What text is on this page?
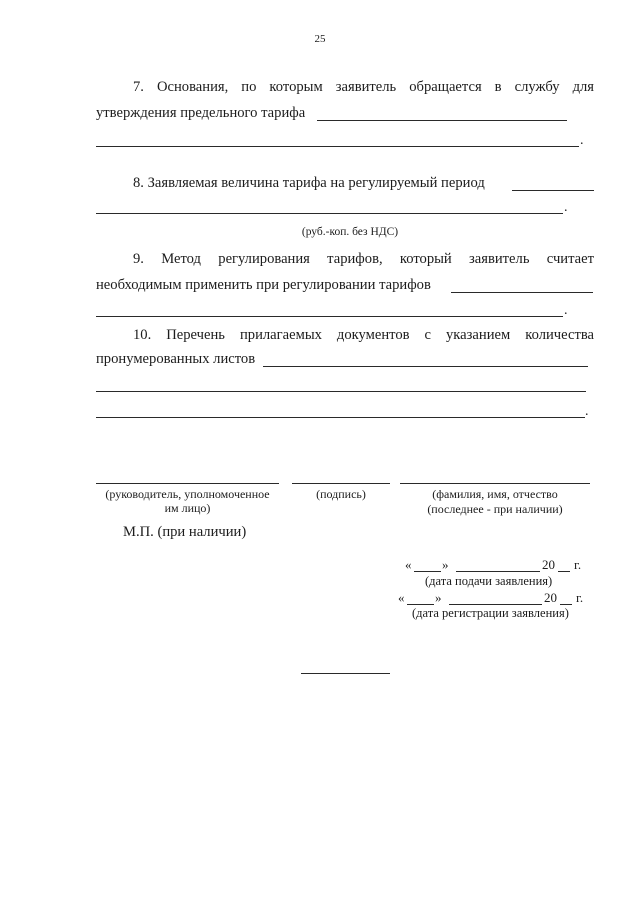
25
7. Основания, по которым заявитель обращается в службу для
утверждения предельного тарифа
.
8. Заявляемая величина тарифа на регулируемый период
.
(руб.-коп. без НДС)
9. Метод регулирования тарифов, который заявитель считает
необходимым применить при регулировании тарифов
.
10. Перечень прилагаемых документов с указанием количества
пронумерованных листов
.
(руководитель, уполномоченное
им лицо)
(подпись)	(фамилия, имя, отчество
(последнее - при наличии)
М.П. (при наличии)
« »	20 г.
(дата подачи заявления)
« »	20 г.
(дата регистрации заявления)
